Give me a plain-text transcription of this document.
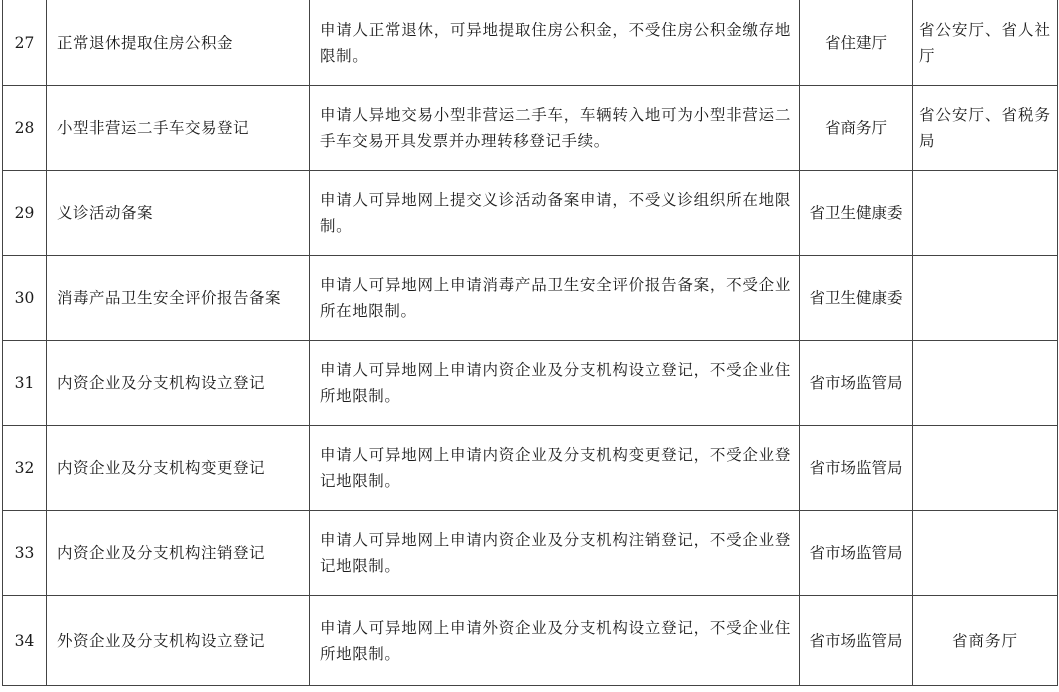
27	正常退休提取住房公积金	申请人正常退休，可异地提取住房公积金，不受住房公积金缴存地限制。	省住建厅	省公安厅、省人社厅
28	小型非营运二手车交易登记	申请人异地交易小型非营运二手车，车辆转入地可为小型非营运二手车交易开具发票并办理转移登记手续。	省商务厅	省公安厅、省税务局
29	义诊活动备案	申请人可异地网上提交义诊活动备案申请，不受义诊组织所在地限制。	省卫生健康委	
30	消毒产品卫生安全评价报告备案	申请人可异地网上申请消毒产品卫生安全评价报告备案，不受企业所在地限制。	省卫生健康委	
31	内资企业及分支机构设立登记	申请人可异地网上申请内资企业及分支机构设立登记，不受企业住所地限制。	省市场监管局	
32	内资企业及分支机构变更登记	申请人可异地网上申请内资企业及分支机构变更登记，不受企业登记地限制。	省市场监管局	
33	内资企业及分支机构注销登记	申请人可异地网上申请内资企业及分支机构注销登记，不受企业登记地限制。	省市场监管局	
34	外资企业及分支机构设立登记	申请人可异地网上申请外资企业及分支机构设立登记，不受企业住所地限制。	省市场监管局	省商务厅
